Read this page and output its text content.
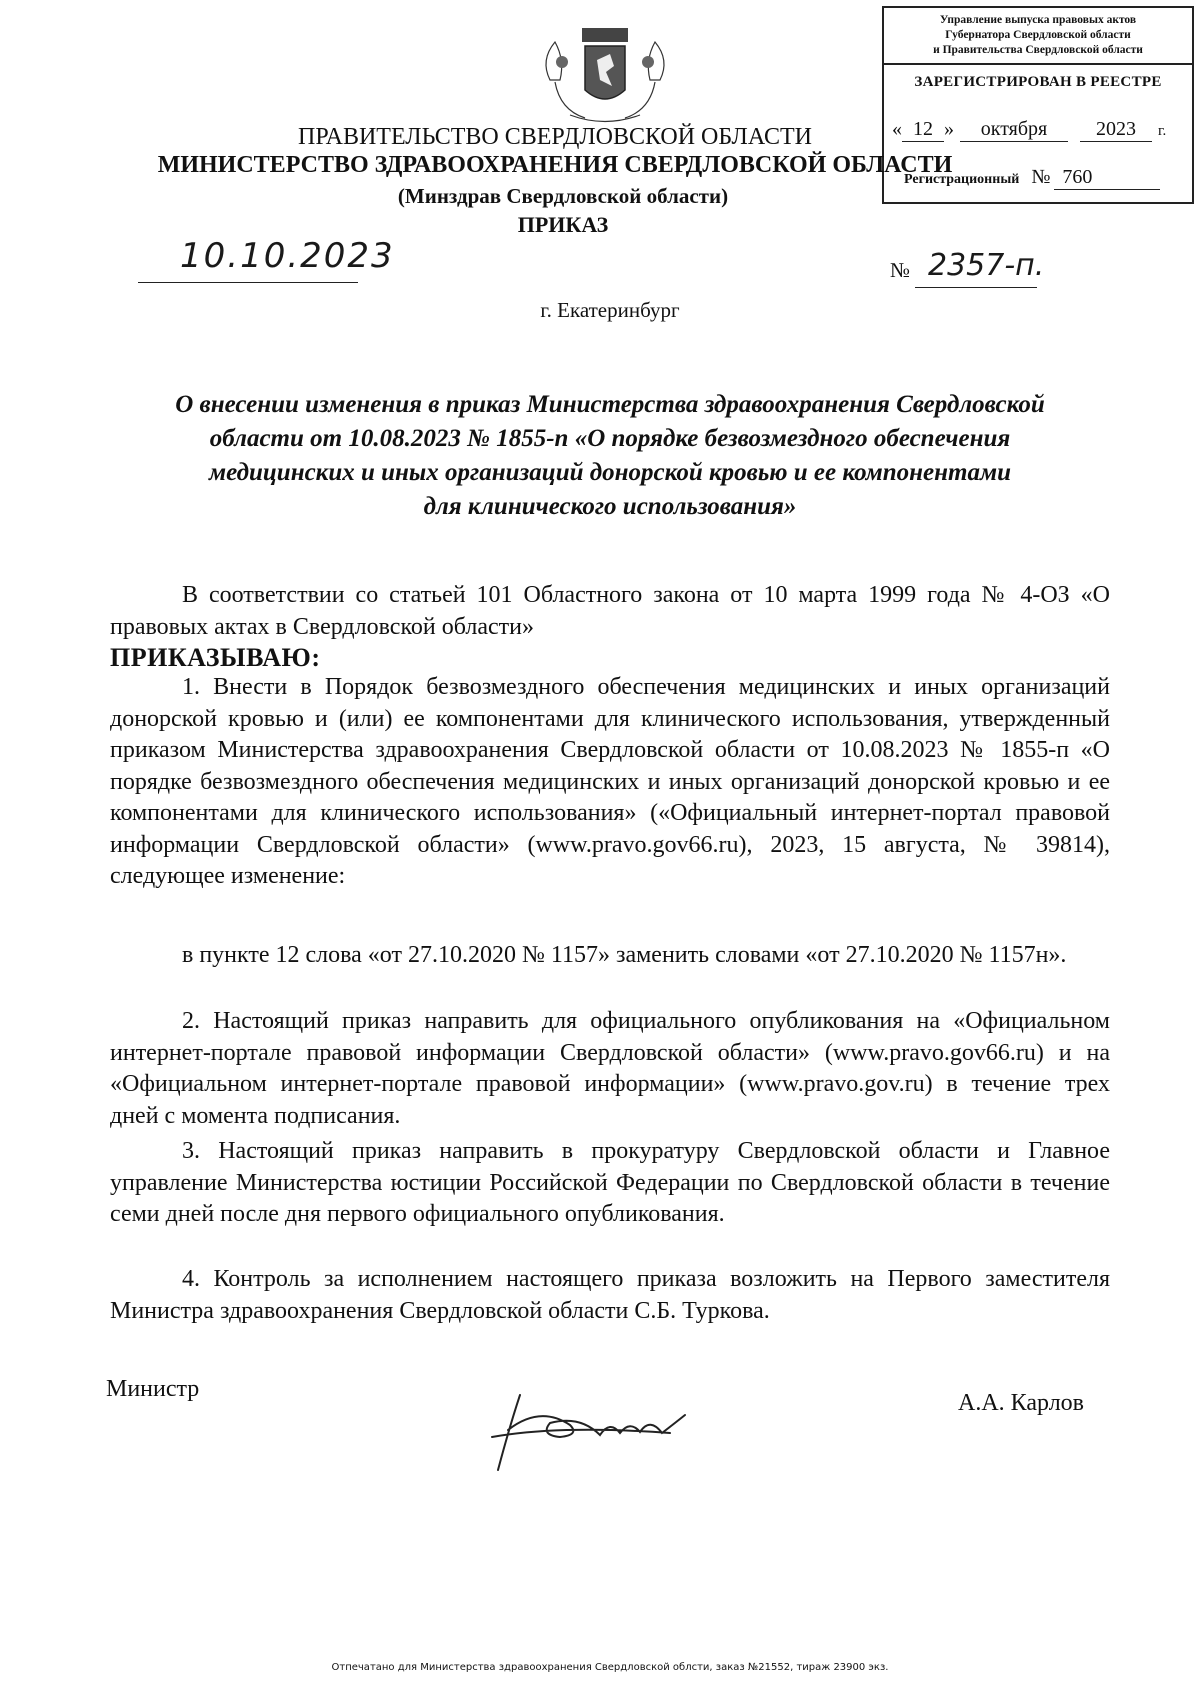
Управление выпуска правовых актов
Губернатора Свердловской области
и Правительства Свердловской области
ЗАРЕГИСТРИРОВАН В РЕЕСТРЕ
« 12 »	октября	2023	г.
Регистрационный № 760
ПРАВИТЕЛЬСТВО СВЕРДЛОВСКОЙ ОБЛАСТИ
МИНИСТЕРСТВО ЗДРАВООХРАНЕНИЯ СВЕРДЛОВСКОЙ ОБЛАСТИ
(Минздрав Свердловской области)
ПРИКАЗ
10.10.2023	№ 2357-п.
г. Екатеринбург
О внесении изменения в приказ Министерства здравоохранения Свердловской
области от 10.08.2023 № 1855-п «О порядке безвозмездного обеспечения
медицинских и иных организаций донорской кровью и ее компонентами
для клинического использования»
В соответствии со статьей 101 Областного закона от 10 марта 1999 года № 4-ОЗ «О правовых актах в Свердловской области»
ПРИКАЗЫВАЮ:
1. Внести в Порядок безвозмездного обеспечения медицинских и иных организаций донорской кровью и (или) ее компонентами для клинического использования, утвержденный приказом Министерства здравоохранения Свердловской области от 10.08.2023 № 1855-п «О порядке безвозмездного обеспечения медицинских и иных организаций донорской кровью и ее компонентами для клинического использования» («Официальный интернет-портал правовой информации Свердловской области» (www.pravo.gov66.ru), 2023, 15 августа, № 39814), следующее изменение:
в пункте 12 слова «от 27.10.2020 № 1157» заменить словами «от 27.10.2020 № 1157н».
2. Настоящий приказ направить для официального опубликования на «Официальном интернет-портале правовой информации Свердловской области» (www.pravo.gov66.ru) и на «Официальном интернет-портале правовой информации» (www.pravo.gov.ru) в течение трех дней с момента подписания.
3. Настоящий приказ направить в прокуратуру Свердловской области и Главное управление Министерства юстиции Российской Федерации по Свердловской области в течение семи дней после дня первого официального опубликования.
4. Контроль за исполнением настоящего приказа возложить на Первого заместителя Министра здравоохранения Свердловской области С.Б. Туркова.
Министр
А.А. Карлов
Отпечатано для Министерства здравоохранения Свердловской облсти, заказ №21552, тираж 23900 экз.
